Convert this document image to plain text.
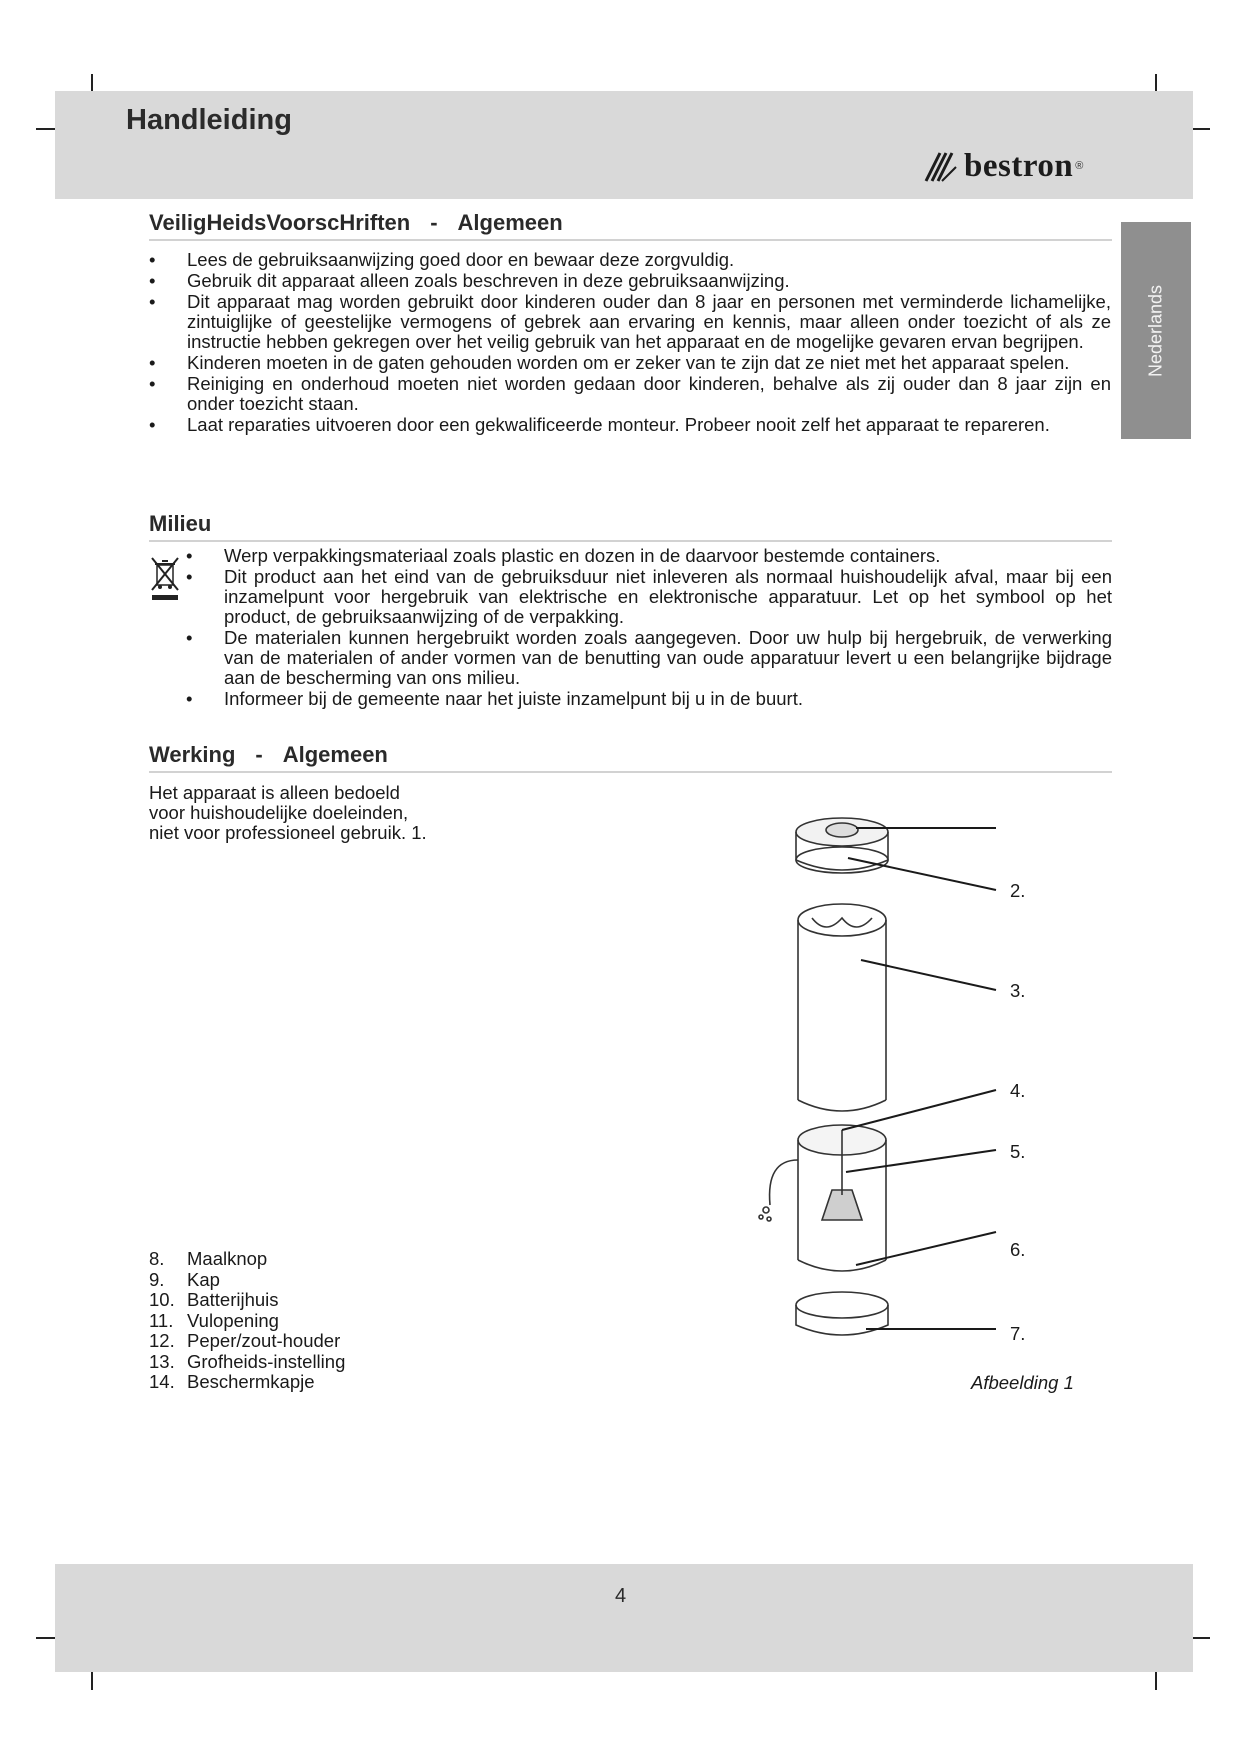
Handleiding
bestron ®
Nederlands
VeiligHeidsVoorscHriften - Algemeen
• Lees de gebruiksaanwijzing goed door en bewaar deze zorgvuldig.
• Gebruik dit apparaat alleen zoals beschreven in deze gebruiksaanwijzing.
• Dit apparaat mag worden gebruikt door kinderen ouder dan 8 jaar en personen met verminderde lichamelijke, zintuiglijke of geestelijke vermogens of gebrek aan ervaring en kennis, maar alleen onder toezicht of als ze instructie hebben gekregen over het veilig gebruik van het apparaat en de mogelijke gevaren ervan begrijpen.
• Kinderen moeten in de gaten gehouden worden om er zeker van te zijn dat ze niet met het apparaat spelen.
• Reiniging en onderhoud moeten niet worden gedaan door kinderen, behalve als zij ouder dan 8 jaar zijn en onder toezicht staan.
• Laat reparaties uitvoeren door een gekwalificeerde monteur. Probeer nooit zelf het apparaat te repareren.
Milieu
• Werp verpakkingsmateriaal zoals plastic en dozen in de daarvoor bestemde containers.
• Dit product aan het eind van de gebruiksduur niet inleveren als normaal huishoudelijk afval, maar bij een inzamelpunt voor hergebruik van elektrische en elektronische apparatuur. Let op het symbool op het product, de gebruiksaanwijzing of de verpakking.
• De materialen kunnen hergebruikt worden zoals aangegeven. Door uw hulp bij hergebruik, de verwerking van de materialen of ander vormen van de benutting van oude apparatuur levert u een belangrijke bijdrage aan de bescherming van ons milieu.
• Informeer bij de gemeente naar het juiste inzamelpunt bij u in de buurt.
Werking - Algemeen
Het apparaat is alleen bedoeld
voor huishoudelijke doeleinden,
niet voor professioneel gebruik. 1.
2.
3.
4.
5.
6.
7.
Afbeelding 1
8.	Maalknop
9.	Kap
10. Batterijhuis
11. Vulopening
12. Peper/zout-houder
13. Grofheids-instelling
14. Beschermkapje
4
